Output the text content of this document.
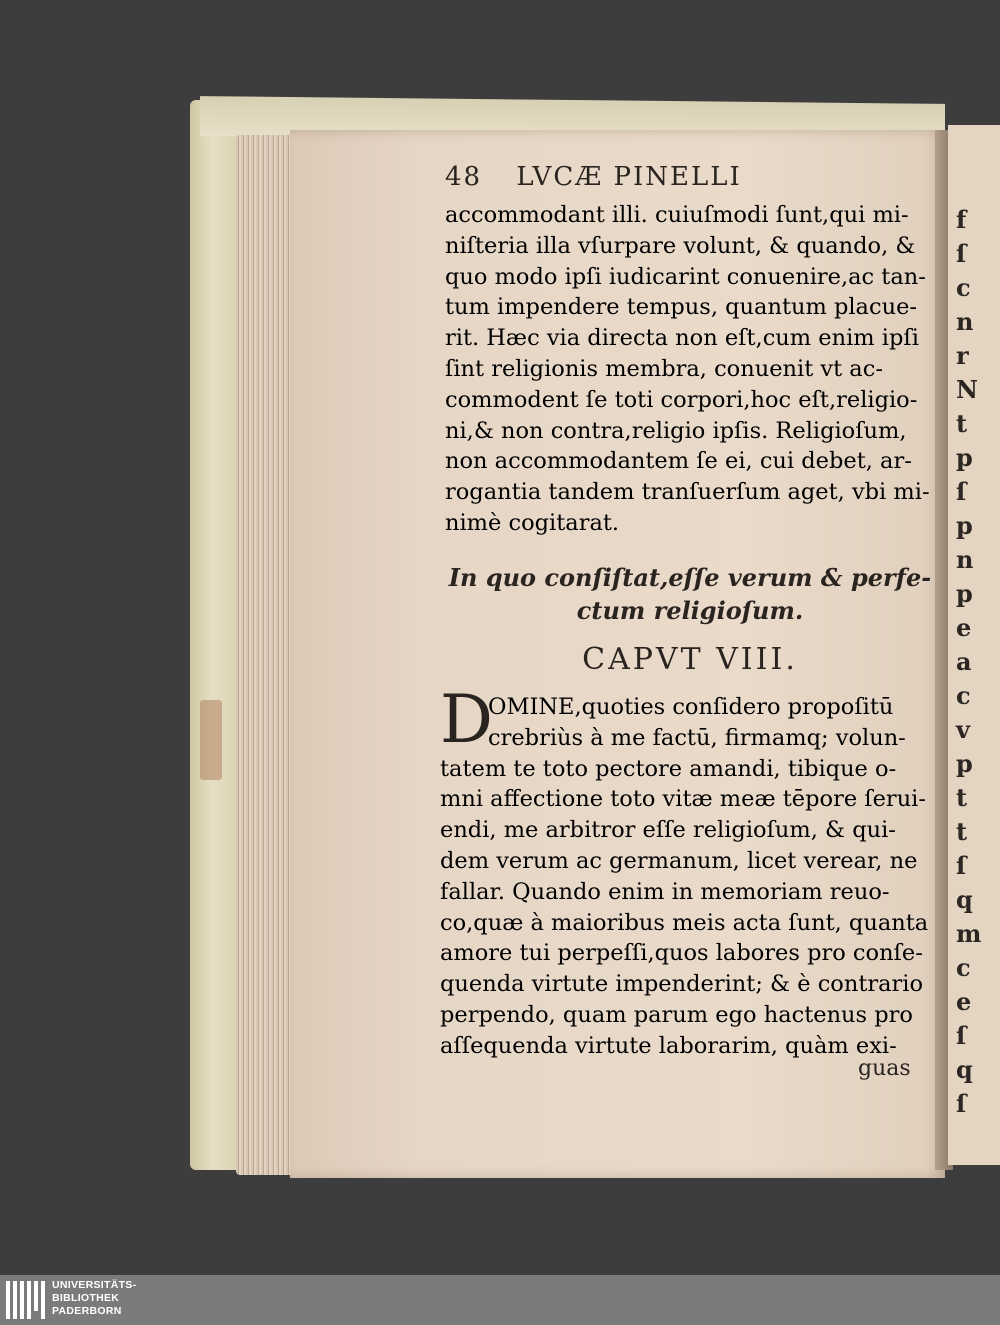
f
ſ
c
n
r
N
t
p
ſ
p
n
p
e
a
c
v
p
t
t
ſ
q
m
c
e
ſ
q
ſ
48 LVCÆ PINELLI
accommodant illi. cuiuſmodi ſunt,qui mi-
niſteria illa vſurpare volunt, & quando, &
quo modo ipſi iudicarint conuenire,ac tan-
tum impendere tempus, quantum placue-
rit. Hæc via directa non eſt,cum enim ipſi
ſint religionis membra, conuenit vt ac-
commodent ſe toti corpori,hoc eſt,religio-
ni,& non contra,religio ipſis. Religioſum,
non accommodantem ſe ei, cui debet, ar-
rogantia tandem tranſuerſum aget, vbi mi-
nimè cogitarat.
In quo conſiſtat,eſſe verum & perfe-
ctum religioſum.
CAPVT VIII.
D
OMINE,quoties conſidero propoſitū
crebriùs à me factū, firmamq; volun-
tatem te toto pectore amandi, tibique o-
mni affectione toto vitæ meæ tēpore ſerui-
endi, me arbitror eſſe religioſum, & qui-
dem verum ac germanum, licet verear, ne
fallar. Quando enim in memoriam reuo-
co,quæ à maioribus meis acta ſunt, quanta
amore tui perpeſſi,quos labores pro conſe-
quenda virtute impenderint; & è contrario
perpendo, quam parum ego hactenus pro
aſſequenda virtute laborarim, quàm exi-
guas
UNIVERSITÄTS-
BIBLIOTHEK
PADERBORN
